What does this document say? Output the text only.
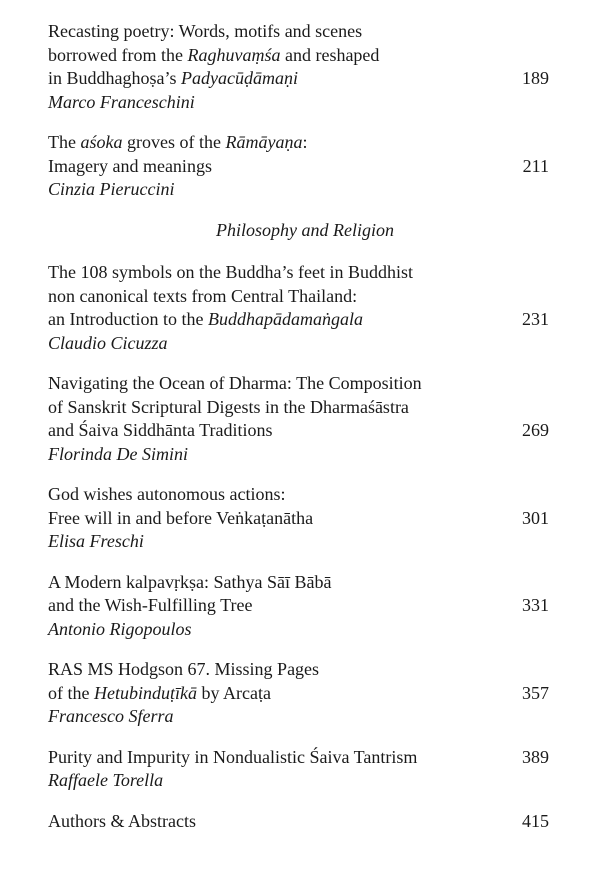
Recasting poetry: Words, motifs and scenes
borrowed from the Raghuvaṃśa and reshaped
in Buddhaghoṣa’s Padyacūḍāmaṇi
Marco Franceschini
189
The aśoka groves of the Rāmāyaṇa:
Imagery and meanings
Cinzia Pieruccini
211
Philosophy and Religion
The 108 symbols on the Buddha’s feet in Buddhist
non canonical texts from Central Thailand:
an Introduction to the Buddhapādamaṅgala
Claudio Cicuzza
231
Navigating the Ocean of Dharma: The Composition
of Sanskrit Scriptural Digests in the Dharmaśāstra
and Śaiva Siddhānta Traditions
Florinda De Simini
269
God wishes autonomous actions:
Free will in and before Veṅkaṭanātha
Elisa Freschi
301
A Modern kalpavṛkṣa: Sathya Sāī Bābā
and the Wish-Fulfilling Tree
Antonio Rigopoulos
331
RAS MS Hodgson 67. Missing Pages
of the Hetubinduṭīkā by Arcaṭa
Francesco Sferra
357
Purity and Impurity in Nondualistic Śaiva Tantrism
Raffaele Torella
389
Authors & Abstracts	415
